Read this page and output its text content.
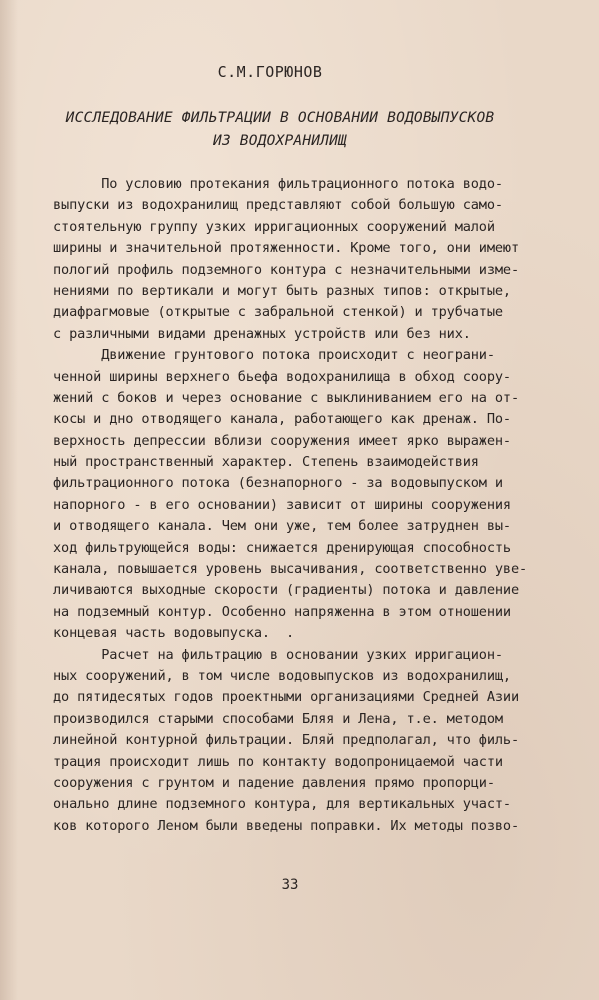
С.М.ГОРЮНОВ
ИССЛЕДОВАНИЕ ФИЛЬТРАЦИИ В ОСНОВАНИИ ВОДОВЫПУСКОВ
ИЗ ВОДОХРАНИЛИЩ
По условию протекания фильтрационного потока водо-
выпуски из водохранилищ представляют собой большую само-
стоятельную группу узких ирригационных сооружений малой
ширины и значительной протяженности. Кроме того, они имеют
пологий профиль подземного контура с незначительными изме-
нениями по вертикали и могут быть разных типов: открытые,
диафрагмовые (открытые с забральной стенкой) и трубчатые
с различными видами дренажных устройств или без них.
Движение грунтового потока происходит с неограни-
ченной ширины верхнего бьефа водохранилища в обход соору-
жений с боков и через основание с выклиниванием его на от-
косы и дно отводящего канала, работающего как дренаж. По-
верхность депрессии вблизи сооружения имеет ярко выражен-
ный пространственный характер. Степень взаимодействия
фильтрационного потока (безнапорного - за водовыпуском и
напорного - в его основании) зависит от ширины сооружения
и отводящего канала. Чем они уже, тем более затруднен вы-
ход фильтрующейся воды: снижается дренирующая способность
канала, повышается уровень высачивания, соответственно уве-
личиваются выходные скорости (градиенты) потока и давление
на подземный контур. Особенно напряженна в этом отношении
концевая часть водовыпуска.  .
Расчет на фильтрацию в основании узких ирригацион-
ных сооружений, в том числе водовыпусков из водохранилищ,
до пятидесятых годов проектными организациями Средней Азии
производился старыми способами Бляя и Лена, т.е. методом
линейной контурной фильтрации. Бляй предполагал, что филь-
трация происходит лишь по контакту водопроницаемой части
сооружения с грунтом и падение давления прямо пропорци-
онально длине подземного контура, для вертикальных участ-
ков которого Леном были введены поправки. Их методы позво-
33
